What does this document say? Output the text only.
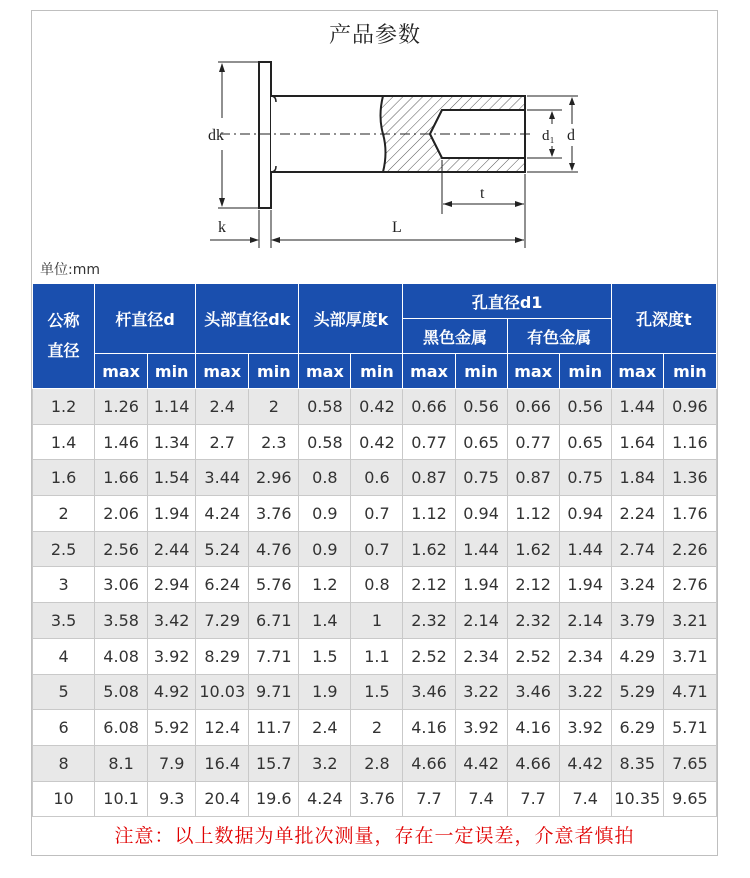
产品参数
dk
k	L
t
d₁ d
单位:mm
公称
直径	杆直径d		头部直径dk		头部厚度k		孔直径d1				孔深度t	
							黑色金属		有色金属			
	max	min	max	min	max	min	max	min	max	min	max	min
1.2	1.26	1.14	2.4	2	0.58	0.42	0.66	0.56	0.66	0.56	1.44	0.96
1.4	1.46	1.34	2.7	2.3	0.58	0.42	0.77	0.65	0.77	0.65	1.64	1.16
1.6	1.66	1.54	3.44	2.96	0.8	0.6	0.87	0.75	0.87	0.75	1.84	1.36
2	2.06	1.94	4.24	3.76	0.9	0.7	1.12	0.94	1.12	0.94	2.24	1.76
2.5	2.56	2.44	5.24	4.76	0.9	0.7	1.62	1.44	1.62	1.44	2.74	2.26
3	3.06	2.94	6.24	5.76	1.2	0.8	2.12	1.94	2.12	1.94	3.24	2.76
3.5	3.58	3.42	7.29	6.71	1.4	1	2.32	2.14	2.32	2.14	3.79	3.21
4	4.08	3.92	8.29	7.71	1.5	1.1	2.52	2.34	2.52	2.34	4.29	3.71
5	5.08	4.92	10.03	9.71	1.9	1.5	3.46	3.22	3.46	3.22	5.29	4.71
6	6.08	5.92	12.4	11.7	2.4	2	4.16	3.92	4.16	3.92	6.29	5.71
8	8.1	7.9	16.4	15.7	3.2	2.8	4.66	4.42	4.66	4.42	8.35	7.65
10	10.1	9.3	20.4	19.6	4.24	3.76	7.7	7.4	7.7	7.4	10.35	9.65
注意：以上数据为单批次测量，存在一定误差，介意者慎拍
